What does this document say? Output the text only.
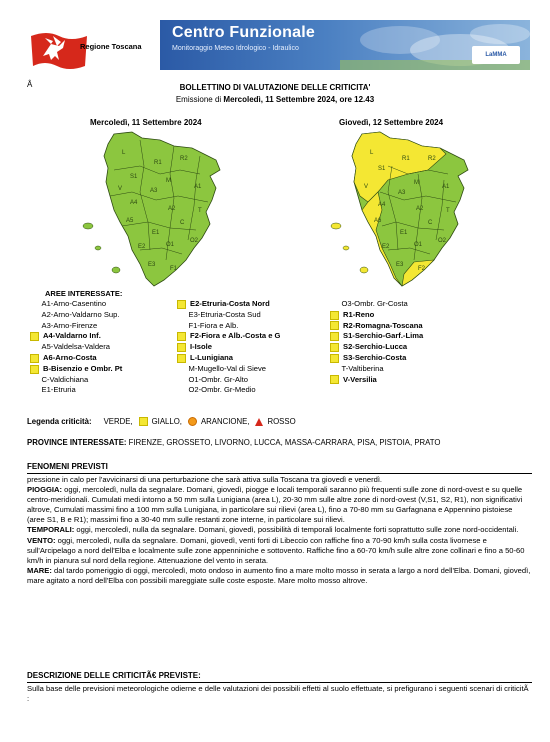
Regione Toscana
Centro Funzionale
Monitoraggio Meteo Idrologico - Idraulico
LaMMA
Â	BOLLETTINO DI VALUTAZIONE DELLE CRITICITA'
Emissione di Mercoledì, 11 Settembre 2024, ore 12.43
Mercoledì, 11 Settembre 2024	Giovedì, 12 Settembre 2024
L
S1
R1
R2
V
M
A1
A3
A4
A2	T
A5
E1
C
E2	O1
O2
E3
F1
L
S1
R1	R2
V
M
A1
A3
A4
A2	T
A6
E1
C
E2	O1
O2
E3
F2
AREE INTERESSATE:
A1-Arno-Casentino
A2-Arno-Valdarno Sup.
A3-Arno-Firenze
A4-Valdarno Inf.
A5-Valdelsa-Valdera
A6-Arno-Costa
B-Bisenzio e Ombr. Pt
C-Valdichiana
E1-Etruria
E2-Etruria-Costa Nord
E3-Etruria-Costa Sud
F1-Fiora e Alb.
F2-Fiora e Alb.-Costa e G
I-Isole
L-Lunigiana
M-Mugello-Val di Sieve
O1-Ombr. Gr-Alto
O2-Ombr. Gr-Medio
O3-Ombr. Gr-Costa
R1-Reno
R2-Romagna-Toscana
S1-Serchio-Garf.-Lima
S2-Serchio-Lucca
S3-Serchio-Costa
T-Valtiberina
V-Versilia
Legenda criticità: VERDE, GIALLO, ARANCIONE, ROSSO
PROVINCE INTERESSATE: FIRENZE, GROSSETO, LIVORNO, LUCCA, MASSA-CARRARA, PISA, PISTOIA, PRATO
FENOMENI PREVISTI

pressione in calo per l'avvicinarsi di una perturbazione che sarà attiva sulla Toscana tra giovedì e venerdì.

PIOGGIA: oggi, mercoledì, nulla da segnalare. Domani, giovedì, piogge e locali temporali saranno più frequenti sulle zone di nord-ovest e su quelle centro-meridionali. Cumulati medi intorno a 50 mm sulla Lunigiana (area L), 20-30 mm sulle altre zone di nord-ovest (V,S1, S2, R1), non significativi altrove, Cumulati massimi fino a 100 mm sulla Lunigiana, in particolare sui rilievi (area L), fino a 70-80 mm su Garfagnana e Appennino pistoiese (aree S1, B e R1); massimi fino a 30-40 mm sulle restanti zone interne, in particolare sui rilievi.

TEMPORALI: oggi, mercoledì, nulla da segnalare. Domani, giovedì, possibilità di temporali localmente forti soprattutto sulle zone nord-occidentali.

VENTO: oggi, mercoledì, nulla da segnalare. Domani, giovedì, venti forti di Libeccio con raffiche fino a 70-90 km/h sulla costa livornese e sull'Arcipelago a nord dell'Elba e localmente sulle zone appenniniche e sottovento. Raffiche fino a 60-70 km/h sulle altre zone collinari e fino a 50-60 km/h in pianura sul nord della regione. Attenuazione del vento in serata.

MARE: dal tardo pomeriggio di oggi, mercoledì, moto ondoso in aumento fino a mare molto mosso in serata a largo a nord dell'Elba. Domani, giovedì, mare agitato a nord dell'Elba con possibili mareggiate sulle coste esposte. Mare molto mosso altrove.

DESCRIZIONE DELLE CRITICITÃ€ PREVISTE:
Sulla base delle previsioni meteorologiche odierne e delle valutazioni dei possibili effetti al suolo effettuate, si prefigurano i seguenti scenari di criticitÃ :
